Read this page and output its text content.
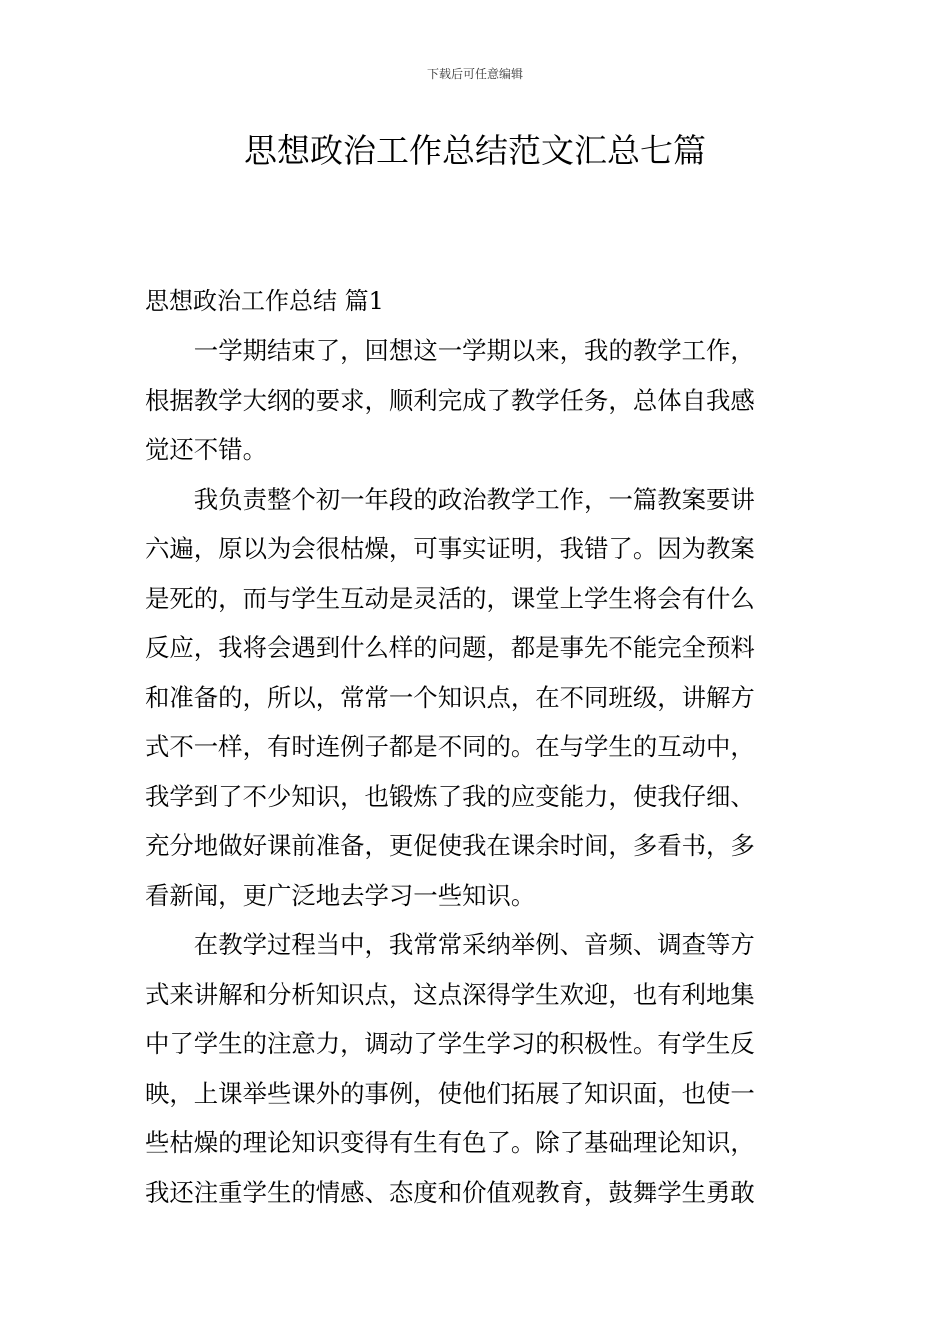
下载后可任意编辑
思想政治工作总结范文汇总七篇

思想政治工作总结 篇1

一学期结束了，回想这一学期以来，我的教学工作，
根据教学大纲的要求，顺利完成了教学任务，总体自我感
觉还不错。

我负责整个初一年段的政治教学工作，一篇教案要讲
六遍，原以为会很枯燥，可事实证明，我错了。因为教案
是死的，而与学生互动是灵活的，课堂上学生将会有什么
反应，我将会遇到什么样的问题，都是事先不能完全预料
和准备的，所以，常常一个知识点，在不同班级，讲解方
式不一样，有时连例子都是不同的。在与学生的互动中，
我学到了不少知识，也锻炼了我的应变能力，使我仔细、
充分地做好课前准备，更促使我在课余时间，多看书，多
看新闻，更广泛地去学习一些知识。

在教学过程当中，我常常采纳举例、音频、调查等方
式来讲解和分析知识点，这点深得学生欢迎，也有利地集
中了学生的注意力，调动了学生学习的积极性。有学生反
映，上课举些课外的事例，使他们拓展了知识面，也使一
些枯燥的理论知识变得有生有色了。除了基础理论知识，
我还注重学生的情感、态度和价值观教育，鼓舞学生勇敢
